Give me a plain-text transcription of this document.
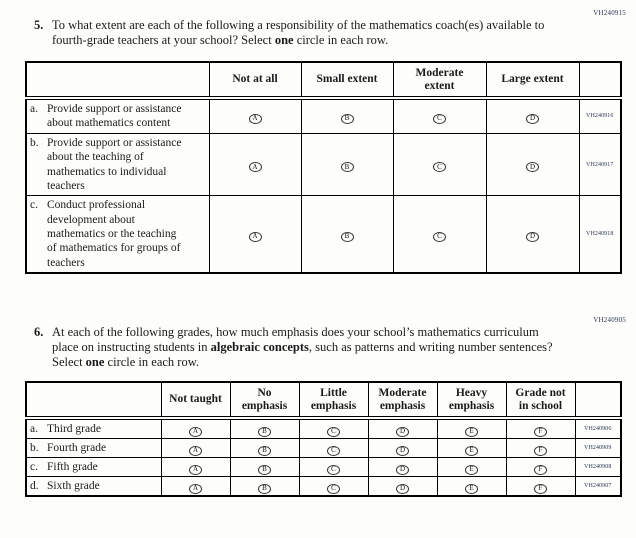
VH240915
5. To what extent are each of the following a responsibility of the mathematics coach(es) available to fourth-grade teachers at your school? Select one circle in each row.
	Not at all	Small extent	Moderate extent	Large extent	

a. Provide support or assistance about mathematics content	A	B	C	D	VH240916

b. Provide support or assistance about the teaching of mathematics to individual teachers	A	B	C	D	VH240917

c. Conduct professional development about mathematics or the teaching of mathematics for groups of teachers	A	B	C	D	VH240918
VH240905
6. At each of the following grades, how much emphasis does your school’s mathematics curriculum place on instructing students in algebraic concepts, such as patterns and writing number sentences? Select one circle in each row.
	Not taught	No emphasis	Little emphasis	Moderate emphasis	Heavy emphasis	Grade not in school	

a. Third grade	A	B	C	D	E	F	VH240906

b. Fourth grade	A	B	C	D	E	F	VH240909

c. Fifth grade	A	B	C	D	E	F	VH240908

d. Sixth grade	A	B	C	D	E	F	VH240907
